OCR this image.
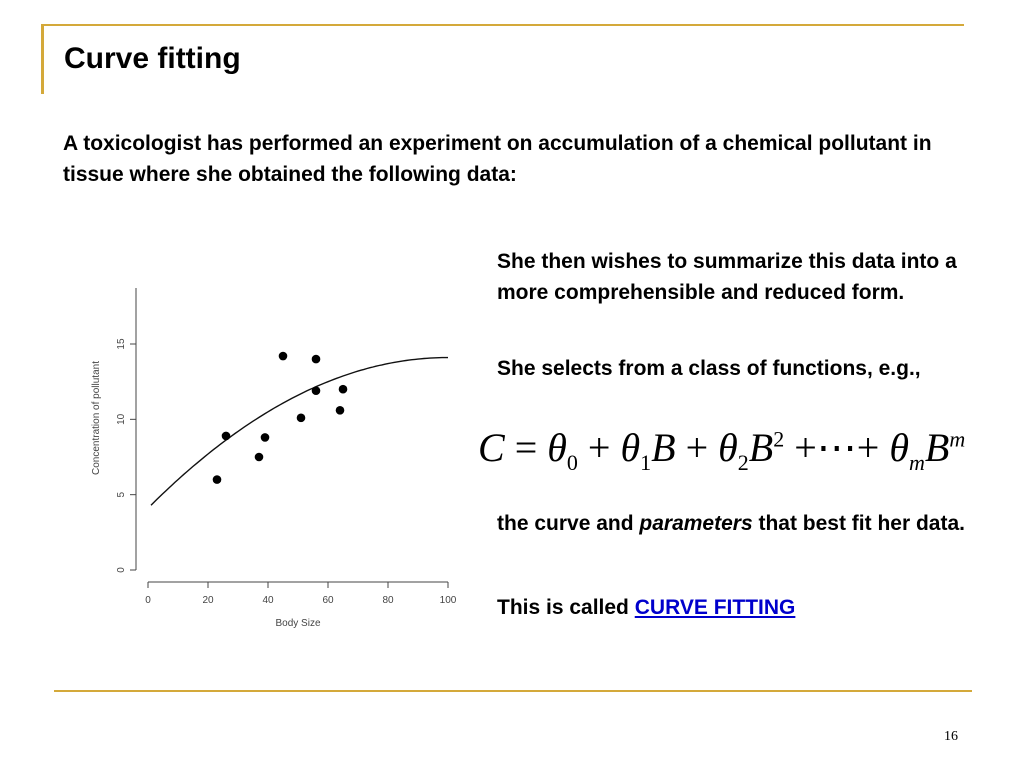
Curve fitting
A toxicologist has performed an experiment on accumulation of a chemical pollutant in tissue where she obtained the following data:
0
5
10
15
0	20	40	60	80	100
Concentration of pollutant
Body Size
She then wishes to summarize this data into a more comprehensible and reduced form.
She selects from a class of functions, e.g.,
$C = \theta_0 + \theta_1B + \theta_2B^2$ +⋯+ $\theta_mB^m$
the curve and parameters that best fit her data.
This is called CURVE FITTING
16
